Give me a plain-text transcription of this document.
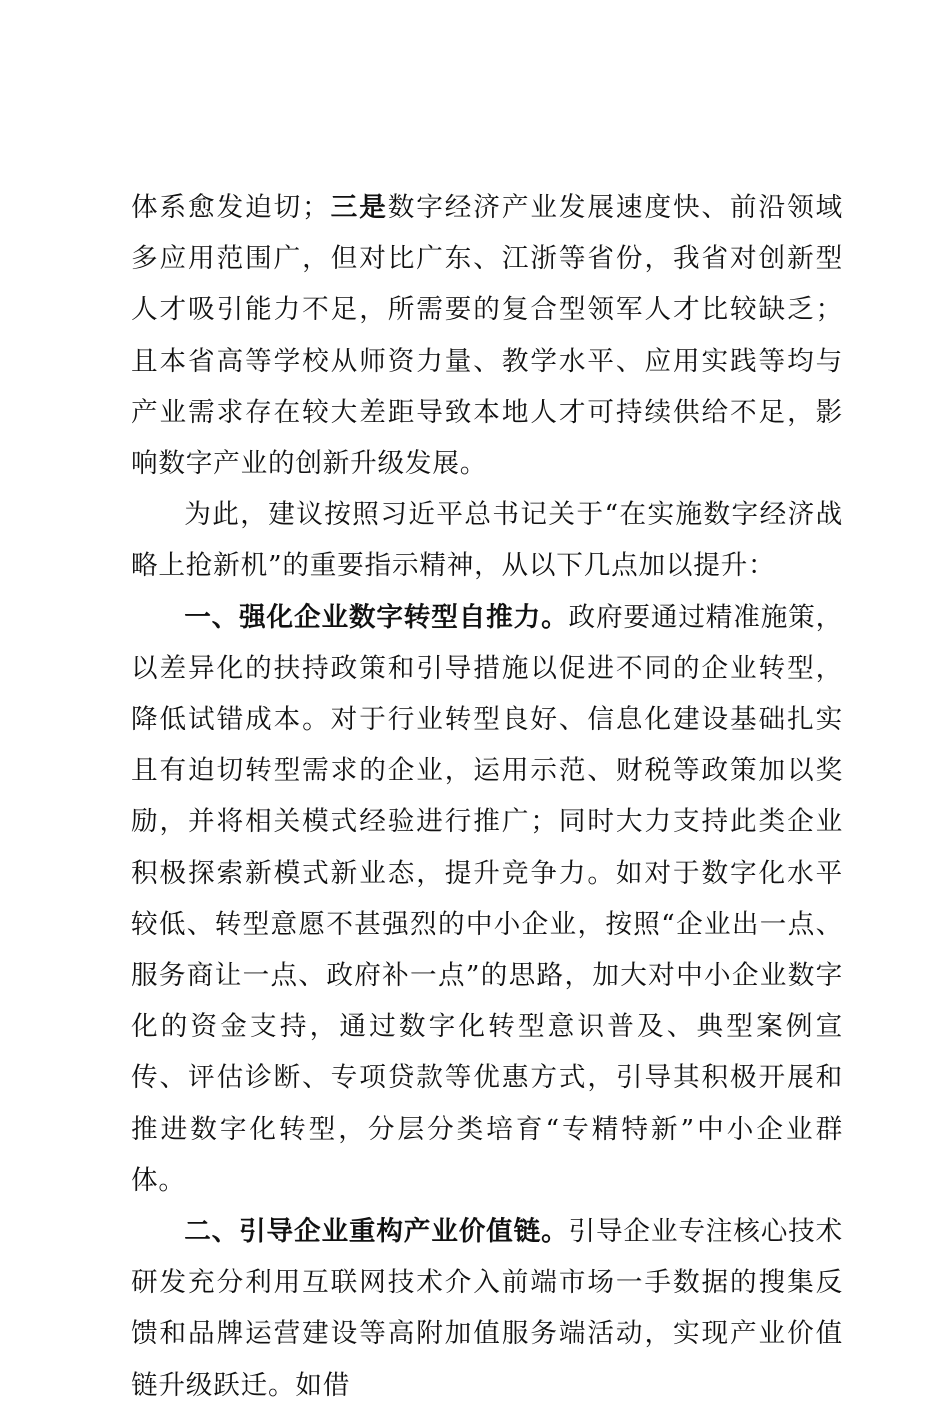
体系愈发迫切；三是数字经济产业发展速度快、前沿领域多应用范围广，但对比广东、江浙等省份，我省对创新型人才吸引能力不足，所需要的复合型领军人才比较缺乏；且本省高等学校从师资力量、教学水平、应用实践等均与产业需求存在较大差距导致本地人才可持续供给不足，影响数字产业的创新升级发展。

为此，建议按照习近平总书记关于“在实施数字经济战略上抢新机”的重要指示精神，从以下几点加以提升：

一、强化企业数字转型自推力。政府要通过精准施策，以差异化的扶持政策和引导措施以促进不同的企业转型，降低试错成本。对于行业转型良好、信息化建设基础扎实且有迫切转型需求的企业，运用示范、财税等政策加以奖励，并将相关模式经验进行推广；同时大力支持此类企业积极探索新模式新业态，提升竞争力。如对于数字化水平较低、转型意愿不甚强烈的中小企业，按照“企业出一点、服务商让一点、政府补一点”的思路，加大对中小企业数字化的资金支持，通过数字化转型意识普及、典型案例宣传、评估诊断、专项贷款等优惠方式，引导其积极开展和推进数字化转型，分层分类培育“专精特新”中小企业群体。

二、引导企业重构产业价值链。引导企业专注核心技术研发充分利用互联网技术介入前端市场一手数据的搜集反馈和品牌运营建设等高附加值服务端活动，实现产业价值链升级跃迁。如借
